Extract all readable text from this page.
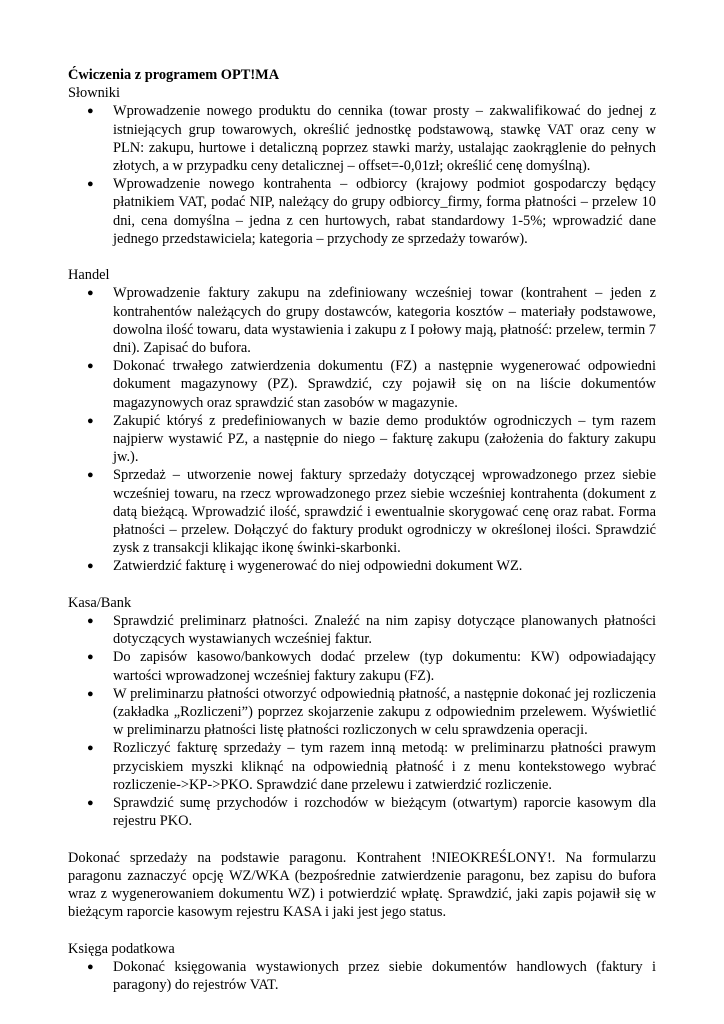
Ćwiczenia z programem OPT!MA

Słowniki

● Wprowadzenie nowego produktu do cennika (towar prosty – zakwalifikować do jednej z istniejących grup towarowych, określić jednostkę podstawową, stawkę VAT oraz ceny w PLN: zakupu, hurtowe i detaliczną poprzez stawki marży, ustalając zaokrąglenie do pełnych złotych, a w przypadku ceny detalicznej – offset=-0,01zł; określić cenę domyślną).
● Wprowadzenie nowego kontrahenta – odbiorcy (krajowy podmiot gospodarczy będący płatnikiem VAT, podać NIP, należący do grupy odbiorcy_firmy, forma płatności – przelew 10 dni, cena domyślna – jedna z cen hurtowych, rabat standardowy 1-5%; wprowadzić dane jednego przedstawiciela; kategoria – przychody ze sprzedaży towarów).

Handel

● Wprowadzenie faktury zakupu na zdefiniowany wcześniej towar (kontrahent – jeden z kontrahentów należących do grupy dostawców, kategoria kosztów – materiały podstawowe, dowolna ilość towaru, data wystawienia i zakupu z I połowy mają, płatność: przelew, termin 7 dni). Zapisać do bufora.
● Dokonać trwałego zatwierdzenia dokumentu (FZ) a następnie wygenerować odpowiedni dokument magazynowy (PZ). Sprawdzić, czy pojawił się on na liście dokumentów magazynowych oraz sprawdzić stan zasobów w magazynie.
● Zakupić któryś z predefiniowanych w bazie demo produktów ogrodniczych – tym razem najpierw wystawić PZ, a następnie do niego – fakturę zakupu (założenia do faktury zakupu jw.).
● Sprzedaż – utworzenie nowej faktury sprzedaży dotyczącej wprowadzonego przez siebie wcześniej towaru, na rzecz wprowadzonego przez siebie wcześniej kontrahenta (dokument z datą bieżącą. Wprowadzić ilość, sprawdzić i ewentualnie skorygować cenę oraz rabat. Forma płatności – przelew. Dołączyć do faktury produkt ogrodniczy w określonej ilości. Sprawdzić zysk z transakcji klikając ikonę świnki-skarbonki.
● Zatwierdzić fakturę i wygenerować do niej odpowiedni dokument WZ.

Kasa/Bank

● Sprawdzić preliminarz płatności. Znaleźć na nim zapisy dotyczące planowanych płatności dotyczących wystawianych wcześniej faktur.
● Do zapisów kasowo/bankowych dodać przelew (typ dokumentu: KW) odpowiadający wartości wprowadzonej wcześniej faktury zakupu (FZ).
● W preliminarzu płatności otworzyć odpowiednią płatność, a następnie dokonać jej rozliczenia (zakładka „Rozliczeni”) poprzez skojarzenie zakupu z odpowiednim przelewem. Wyświetlić w preliminarzu płatności listę płatności rozliczonych w celu sprawdzenia operacji.
● Rozliczyć fakturę sprzedaży – tym razem inną metodą: w preliminarzu płatności prawym przyciskiem myszki kliknąć na odpowiednią płatność i z menu kontekstowego wybrać rozliczenie->KP->PKO. Sprawdzić dane przelewu i zatwierdzić rozliczenie.
● Sprawdzić sumę przychodów i rozchodów w bieżącym (otwartym) raporcie kasowym dla rejestru PKO.

Dokonać sprzedaży na podstawie paragonu. Kontrahent !NIEOKREŚLONY!. Na formularzu paragonu zaznaczyć opcję WZ/WKA (bezpośrednie zatwierdzenie paragonu, bez zapisu do bufora wraz z wygenerowaniem dokumentu WZ) i potwierdzić wpłatę. Sprawdzić, jaki zapis pojawił się w bieżącym raporcie kasowym rejestru KASA i jaki jest jego status.

Księga podatkowa

● Dokonać księgowania wystawionych przez siebie dokumentów handlowych (faktury i paragony) do rejestrów VAT.
